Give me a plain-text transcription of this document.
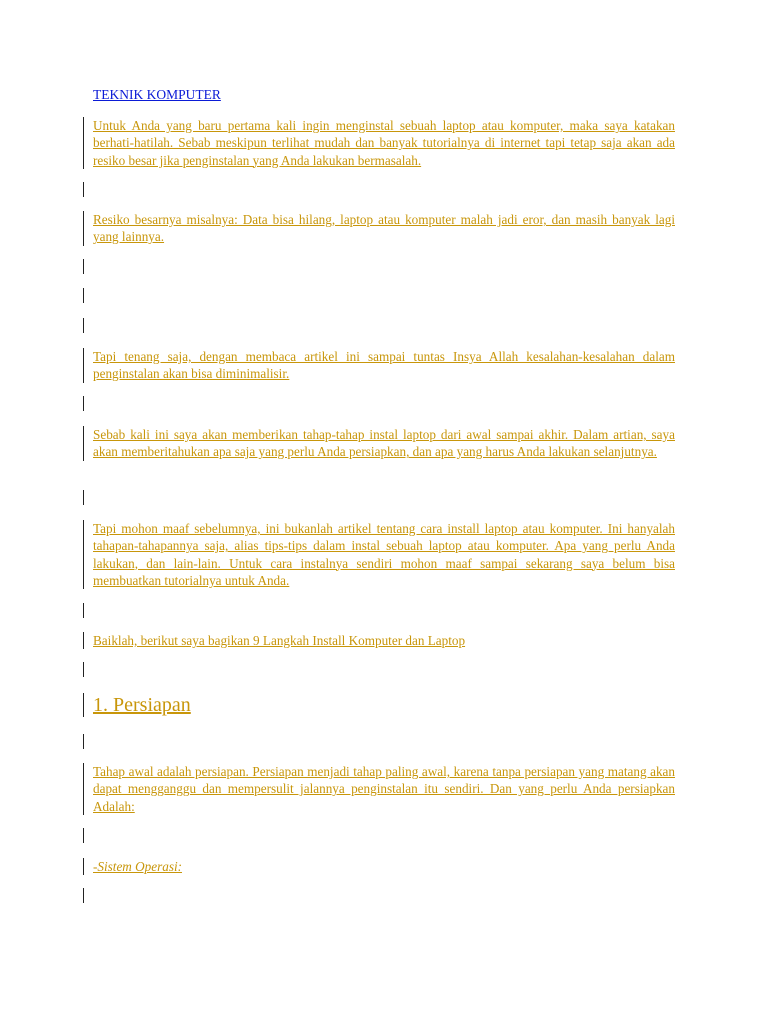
TEKNIK KOMPUTER

Untuk Anda yang baru pertama kali ingin menginstal sebuah laptop atau komputer, maka saya katakan berhati-hatilah. Sebab meskipun terlihat mudah dan banyak tutorialnya di internet tapi tetap saja akan ada resiko besar jika penginstalan yang Anda lakukan bermasalah.

Resiko besarnya misalnya: Data bisa hilang, laptop atau komputer malah jadi eror, dan masih banyak lagi yang lainnya.

Tapi tenang saja, dengan membaca artikel ini sampai tuntas Insya Allah kesalahan-kesalahan dalam penginstalan akan bisa diminimalisir.

Sebab kali ini saya akan memberikan tahap-tahap instal laptop dari awal sampai akhir. Dalam artian, saya akan memberitahukan apa saja yang perlu Anda persiapkan, dan apa yang harus Anda lakukan selanjutnya.

Tapi mohon maaf sebelumnya, ini bukanlah artikel tentang cara install laptop atau komputer. Ini hanyalah tahapan-tahapannya saja, alias tips-tips dalam instal sebuah laptop atau komputer. Apa yang perlu Anda lakukan, dan lain-lain. Untuk cara instalnya sendiri mohon maaf sampai sekarang saya belum bisa membuatkan tutorialnya untuk Anda.

Baiklah, berikut saya bagikan 9 Langkah Install Komputer dan Laptop

1. Persiapan

Tahap awal adalah persiapan. Persiapan menjadi tahap paling awal, karena tanpa persiapan yang matang akan dapat mengganggu dan mempersulit jalannya penginstalan itu sendiri. Dan yang perlu Anda persiapkan Adalah:

-Sistem Operasi:
